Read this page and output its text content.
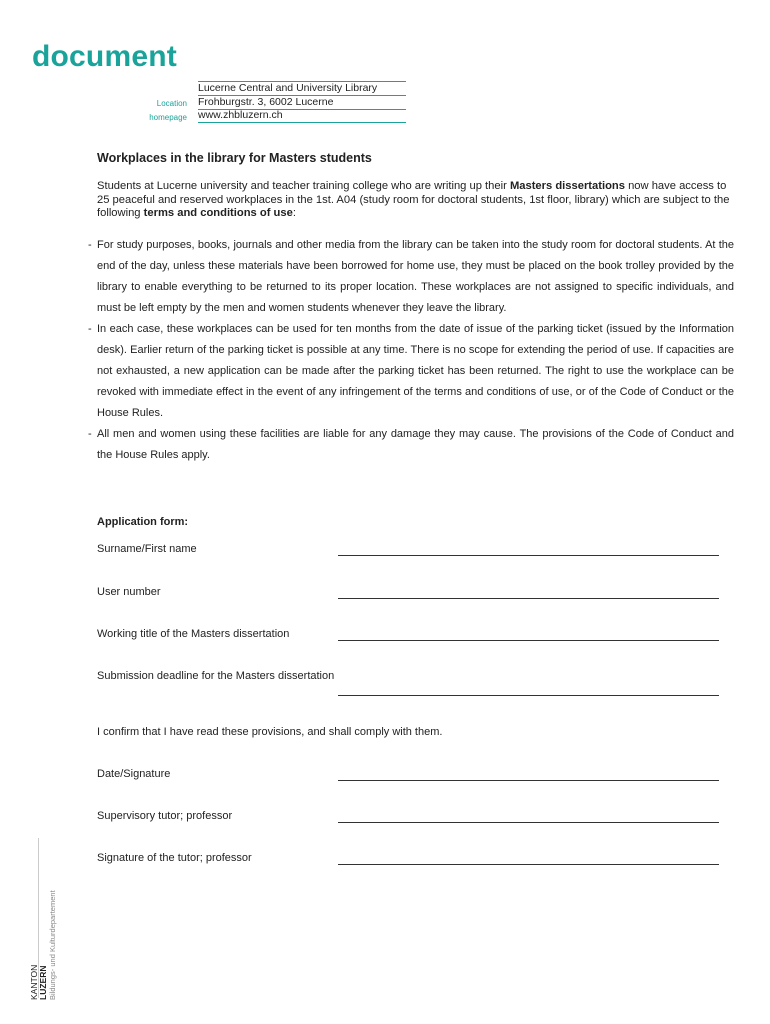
document
Lucerne Central and University Library
Location Frohburgstr. 3, 6002 Lucerne
homepage www.zhbluzern.ch
Workplaces in the library for Masters students
Students at Lucerne university and teacher training college who are writing up their Masters dissertations now have access to 25 peaceful and reserved workplaces in the 1st. A04 (study room for doctoral students, 1st floor, library) which are subject to the following terms and conditions of use:
- For study purposes, books, journals and other media from the library can be taken into the study room for doctoral students. At the end of the day, unless these materials have been borrowed for home use, they must be placed on the book trolley provided by the library to enable everything to be returned to its proper location. These workplaces are not assigned to specific individuals, and must be left empty by the men and women students whenever they leave the library.
- In each case, these workplaces can be used for ten months from the date of issue of the parking ticket (issued by the Information desk). Earlier return of the parking ticket is possible at any time. There is no scope for extending the period of use. If capacities are not exhausted, a new application can be made after the parking ticket has been returned. The right to use the workplace can be revoked with immediate effect in the event of any infringement of the terms and conditions of use, or of the Code of Conduct or the House Rules.
- All men and women using these facilities are liable for any damage they may cause. The provisions of the Code of Conduct and the House Rules apply.
Application form:
Surname/First name
User number
Working title of the Masters dissertation
Submission deadline for the Masters dissertation
I confirm that I have read these provisions, and shall comply with them.
Date/Signature
Supervisory tutor; professor
Signature of the tutor; professor
KANTON LUZERN Bildungs- und Kulturdepartement
